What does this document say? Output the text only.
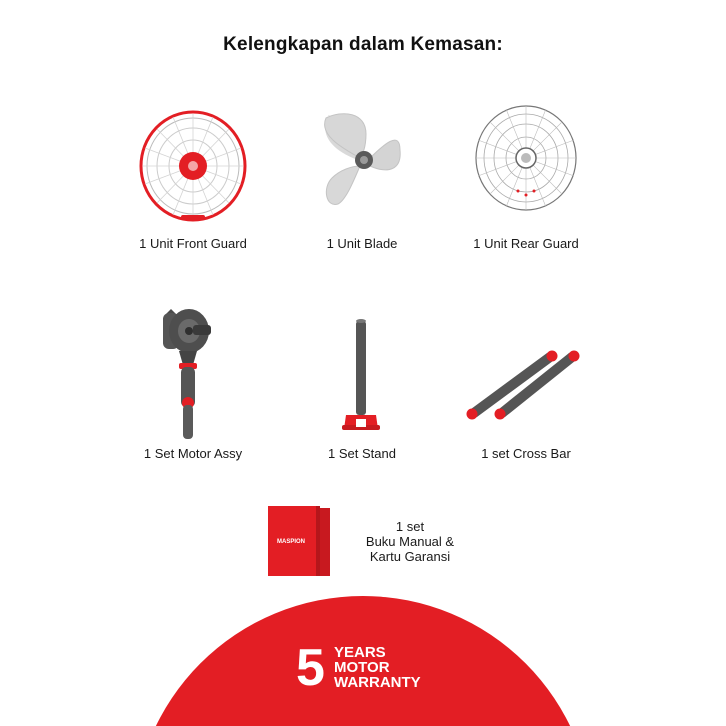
Kelengkapan dalam Kemasan:
1 Unit Front Guard	1 Unit Blade	1 Unit Rear Guard
1 Set Motor Assy	1 Set Stand	1 set Cross Bar
MASPION
1 set
Buku Manual &
Kartu Garansi
5 YEARS
MOTOR
WARRANTY
